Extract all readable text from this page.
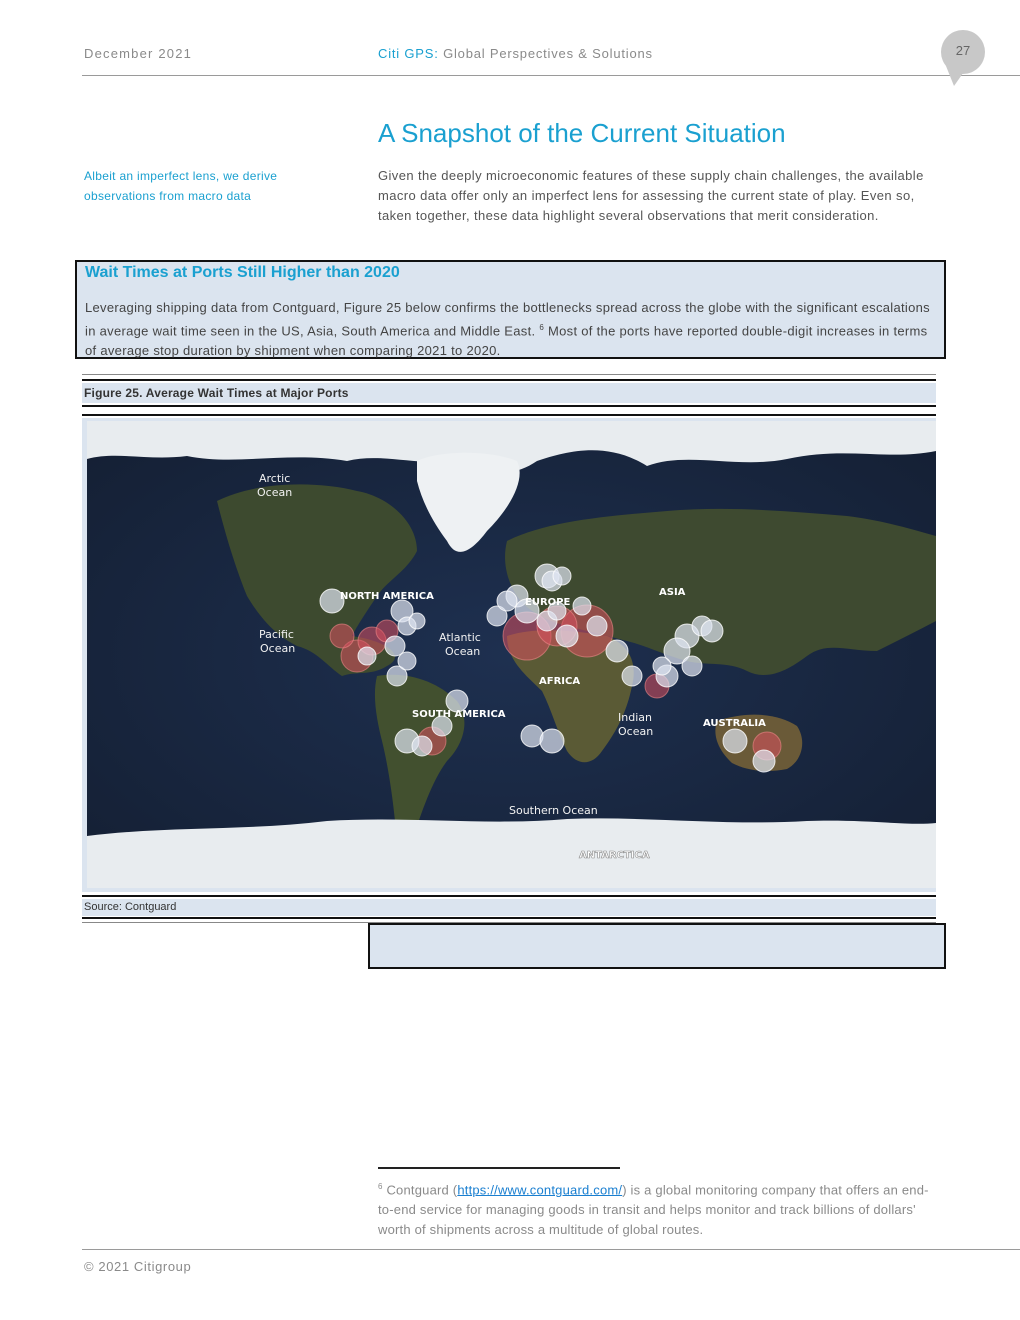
December 2021	Citi GPS: Global Perspectives & Solutions	27
A Snapshot of the Current Situation
Albeit an imperfect lens, we derive observations from macro data

Given the deeply microeconomic features of these supply chain challenges, the available macro data offer only an imperfect lens for assessing the current state of play. Even so, taken together, these data highlight several observations that merit consideration.

Wait Times at Ports Still Higher than 2020
Leveraging shipping data from Contguard, Figure 25 below confirms the bottlenecks spread across the globe with the significant escalations in average wait time seen in the US, Asia, South America and Middle East. $^6$ Most of the ports have reported double-digit increases in terms of average stop duration by shipment when comparing 2021 to 2020.
Figure 25. Average Wait Times at Major Ports
Arctic
Ocean
Pacific
Ocean
Atlantic
Ocean
Indian
Ocean
Southern Ocean
NORTH AMERICA
SOUTH AMERICA
EUROPE
AFRICA
ASIA
AUSTRALIA
ANTARCTICA
Source: Contguard

$^6$ Contguard (https://www.contguard.com/) is a global monitoring company that offers an end-to-end service for managing goods in transit and helps monitor and track billions of dollars' worth of shipments across a multitude of global routes.

© 2021 Citigroup
